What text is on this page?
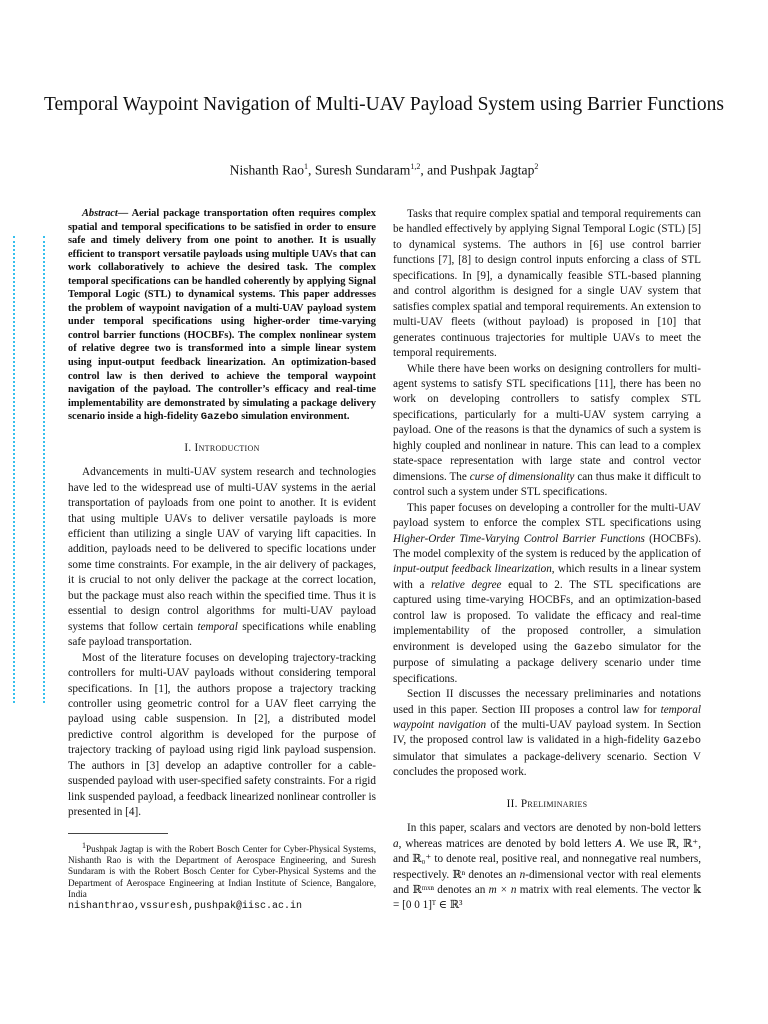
Temporal Waypoint Navigation of Multi-UAV Payload System using Barrier Functions
Nishanth Rao$^1$, Suresh Sundaram$^{1,2}$, and Pushpak Jagtap$^2$

Abstract— Aerial package transportation often requires complex spatial and temporal specifications to be satisfied in order to ensure safe and timely delivery from one point to another. It is usually efficient to transport versatile payloads using multiple UAVs that can work collaboratively to achieve the desired task. The complex temporal specifications can be handled coherently by applying Signal Temporal Logic (STL) to dynamical systems. This paper addresses the problem of waypoint navigation of a multi-UAV payload system under temporal specifications using higher-order time-varying control barrier functions (HOCBFs). The complex nonlinear system of relative degree two is transformed into a simple linear system using input-output feedback linearization. An optimization-based control law is then derived to achieve the temporal waypoint navigation of the payload. The controller’s efficacy and real-time implementability are demonstrated by simulating a package delivery scenario inside a high-fidelity Gazebo simulation environment.

I. Introduction

Advancements in multi-UAV system research and technologies have led to the widespread use of multi-UAV systems in the aerial transportation of payloads from one point to another. It is evident that using multiple UAVs to deliver versatile payloads is more efficient than utilizing a single UAV of varying lift capacities. In addition, payloads need to be delivered to specific locations under some time constraints. For example, in the air delivery of packages, it is crucial to not only deliver the package at the correct location, but the package must also reach within the specified time. Thus it is essential to design control algorithms for multi-UAV payload systems that follow certain temporal specifications while enabling safe payload transportation.

Most of the literature focuses on developing trajectory-tracking controllers for multi-UAV payloads without considering temporal specifications. In [1], the authors propose a trajectory tracking controller using geometric control for a UAV fleet carrying the payload using cable suspension. In [2], a distributed model predictive control algorithm is developed for the purpose of trajectory tracking of payload using rigid link payload suspension. The authors in [3] develop an adaptive controller for a cable-suspended payload with user-specified safety constraints. For a rigid link suspended payload, a feedback linearized nonlinear controller is presented in [4].

$^1$Pushpak Jagtap is with the Robert Bosch Center for Cyber-Physical Systems, Nishanth Rao is with the Department of Aerospace Engineering, and Suresh Sundaram is with the Robert Bosch Center for Cyber-Physical Systems and the Department of Aerospace Engineering at Indian Institute of Science, Bangalore, India
nishanthrao,vssuresh,pushpak@iisc.ac.in

Tasks that require complex spatial and temporal requirements can be handled effectively by applying Signal Temporal Logic (STL) [5] to dynamical systems. The authors in [6] use control barrier functions [7], [8] to design control inputs enforcing a class of STL specifications. In [9], a dynamically feasible STL-based planning and control algorithm is designed for a single UAV system that satisfies complex spatial and temporal requirements. An extension to multi-UAV fleets (without payload) is proposed in [10] that generates continuous trajectories for multiple UAVs to meet the temporal requirements.

While there have been works on designing controllers for multi-agent systems to satisfy STL specifications [11], there has been no work on developing controllers to satisfy complex STL specifications, particularly for a multi-UAV system carrying a payload. One of the reasons is that the dynamics of such a system is highly coupled and nonlinear in nature. This can lead to a complex state-space representation with large state and control vector dimensions. The curse of dimensionality can thus make it difficult to control such a system under STL specifications.

This paper focuses on developing a controller for the multi-UAV payload system to enforce the complex STL specifications using Higher-Order Time-Varying Control Barrier Functions (HOCBFs). The model complexity of the system is reduced by the application of input-output feedback linearization, which results in a linear system with a relative degree equal to 2. The STL specifications are captured using time-varying HOCBFs, and an optimization-based control law is proposed. To validate the efficacy and real-time implementability of the proposed controller, a simulation environment is developed using the Gazebo simulator for the purpose of simulating a package delivery scenario under time specifications.

Section II discusses the necessary preliminaries and notations used in this paper. Section III proposes a control law for temporal waypoint navigation of the multi-UAV payload system. In Section IV, the proposed control law is validated in a high-fidelity Gazebo simulator that simulates a package-delivery scenario. Section V concludes the proposed work.

II. Preliminaries

In this paper, scalars and vectors are denoted by non-bold letters a, whereas matrices are denoted by bold letters A. We use ℝ, ℝ⁺, and ℝ₀⁺ to denote real, positive real, and nonnegative real numbers, respectively. ℝⁿ denotes an n-dimensional vector with real elements and ℝᵐˣⁿ denotes an m × n matrix with real elements. The vector 𝕜 = [0 0 1]ᵀ ∈ ℝ³
